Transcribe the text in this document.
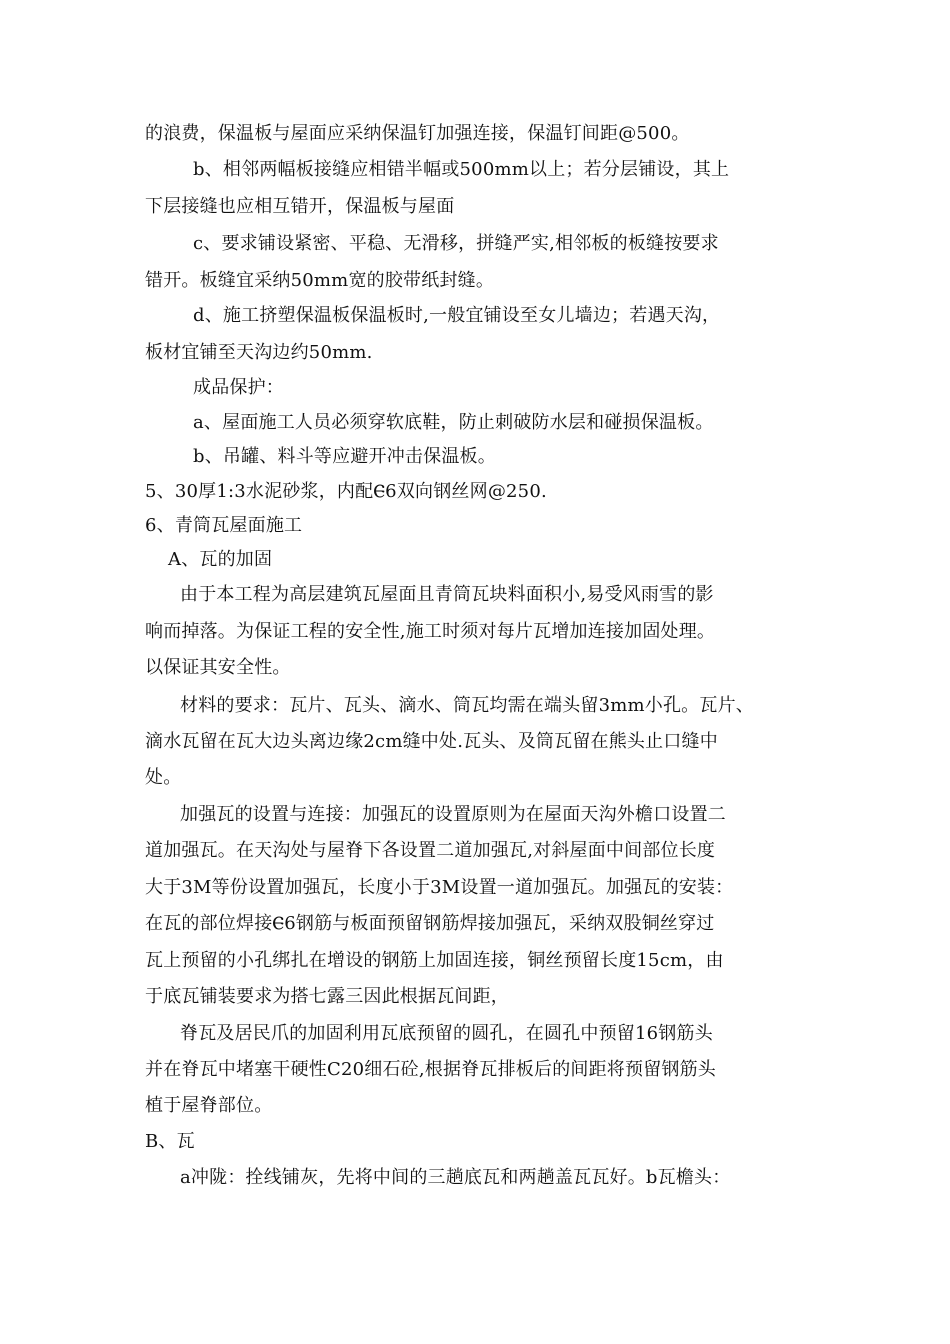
的浪费，保温板与屋面应采纳保温钉加强连接，保温钉间距@500。
b、相邻两幅板接缝应相错半幅或500mm以上；若分层铺设，其上
下层接缝也应相互错开，保温板与屋面
c、要求铺设紧密、平稳、无滑移，拼缝严实,相邻板的板缝按要求
错开。板缝宜采纳50mm宽的胶带纸封缝。
d、施工挤塑保温板保温板时,一般宜铺设至女儿墙边；若遇天沟，
板材宜铺至天沟边约50mm.
成品保护：
a、屋面施工人员必须穿软底鞋，防止刺破防水层和碰损保温板。
b、吊罐、料斗等应避开冲击保温板。
5、30厚1:3水泥砂浆，内配Ⲉ6双向钢丝网@250.
6、青筒瓦屋面施工
A、瓦的加固
由于本工程为高层建筑瓦屋面且青筒瓦块料面积小,易受风雨雪的影
响而掉落。为保证工程的安全性,施工时须对每片瓦增加连接加固处理。
以保证其安全性。
材料的要求：瓦片、瓦头、滴水、筒瓦均需在端头留3mm小孔。瓦片、
滴水瓦留在瓦大边头离边缘2cm缝中处.瓦头、及筒瓦留在熊头止口缝中
处。
加强瓦的设置与连接：加强瓦的设置原则为在屋面天沟外檐口设置二
道加强瓦。在天沟处与屋脊下各设置二道加强瓦,对斜屋面中间部位长度
大于3M等份设置加强瓦，长度小于3M设置一道加强瓦。加强瓦的安装：
在瓦的部位焊接Ⲉ6钢筋与板面预留钢筋焊接加强瓦，采纳双股铜丝穿过
瓦上预留的小孔绑扎在增设的钢筋上加固连接，铜丝预留长度15cm，由
于底瓦铺装要求为搭七露三因此根据瓦间距，
脊瓦及居民爪的加固利用瓦底预留的圆孔，在圆孔中预留16钢筋头
并在脊瓦中堵塞干硬性C20细石砼,根据脊瓦排板后的间距将预留钢筋头
植于屋脊部位。
B、瓦
a冲陇：拴线铺灰，先将中间的三趟底瓦和两趟盖瓦瓦好。b瓦檐头：
